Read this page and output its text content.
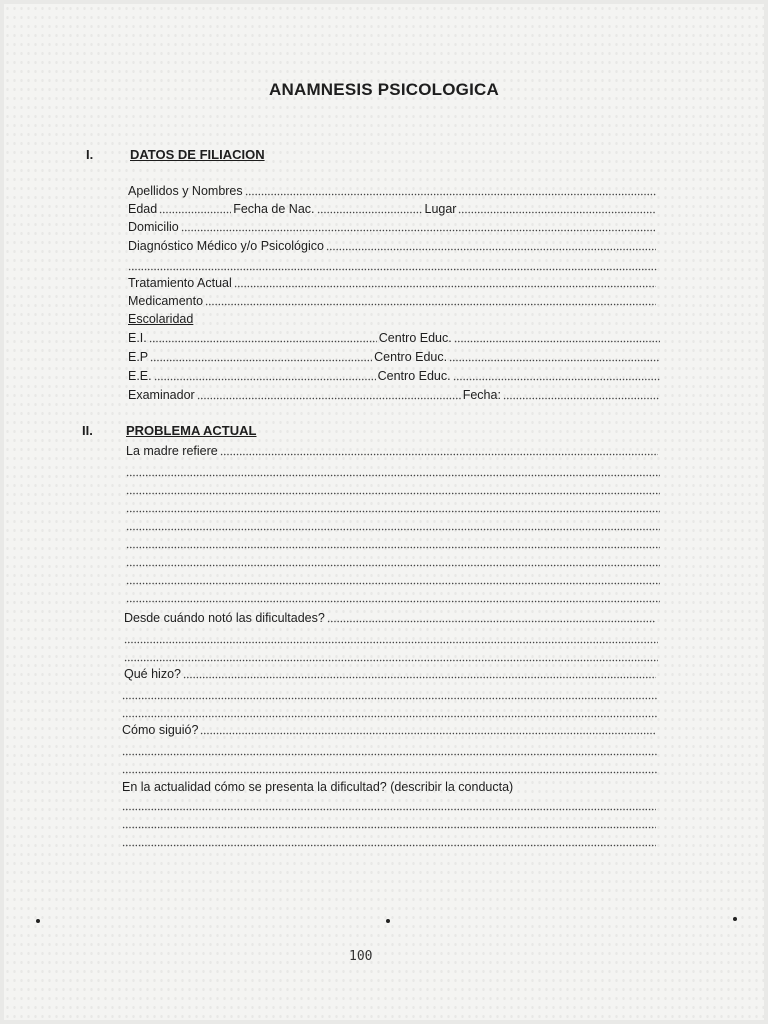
ANAMNESIS PSICOLOGICA
I.	DATOS DE FILIACION
Apellidos y Nombres
Edad	Fecha de Nac.	Lugar
Domicilio
Diagnóstico Médico y/o Psicológico
Tratamiento Actual
Medicamento
Escolaridad
E.I.	Centro Educ.
E.P	Centro Educ.
E.E.	Centro Educ.
Examinador	Fecha:
II.	PROBLEMA ACTUAL
La madre refiere
Desde cuándo notó las dificultades?
Qué hizo?
Cómo siguió?
En la actualidad cómo se presenta la dificultad? (describir la conducta)
100
